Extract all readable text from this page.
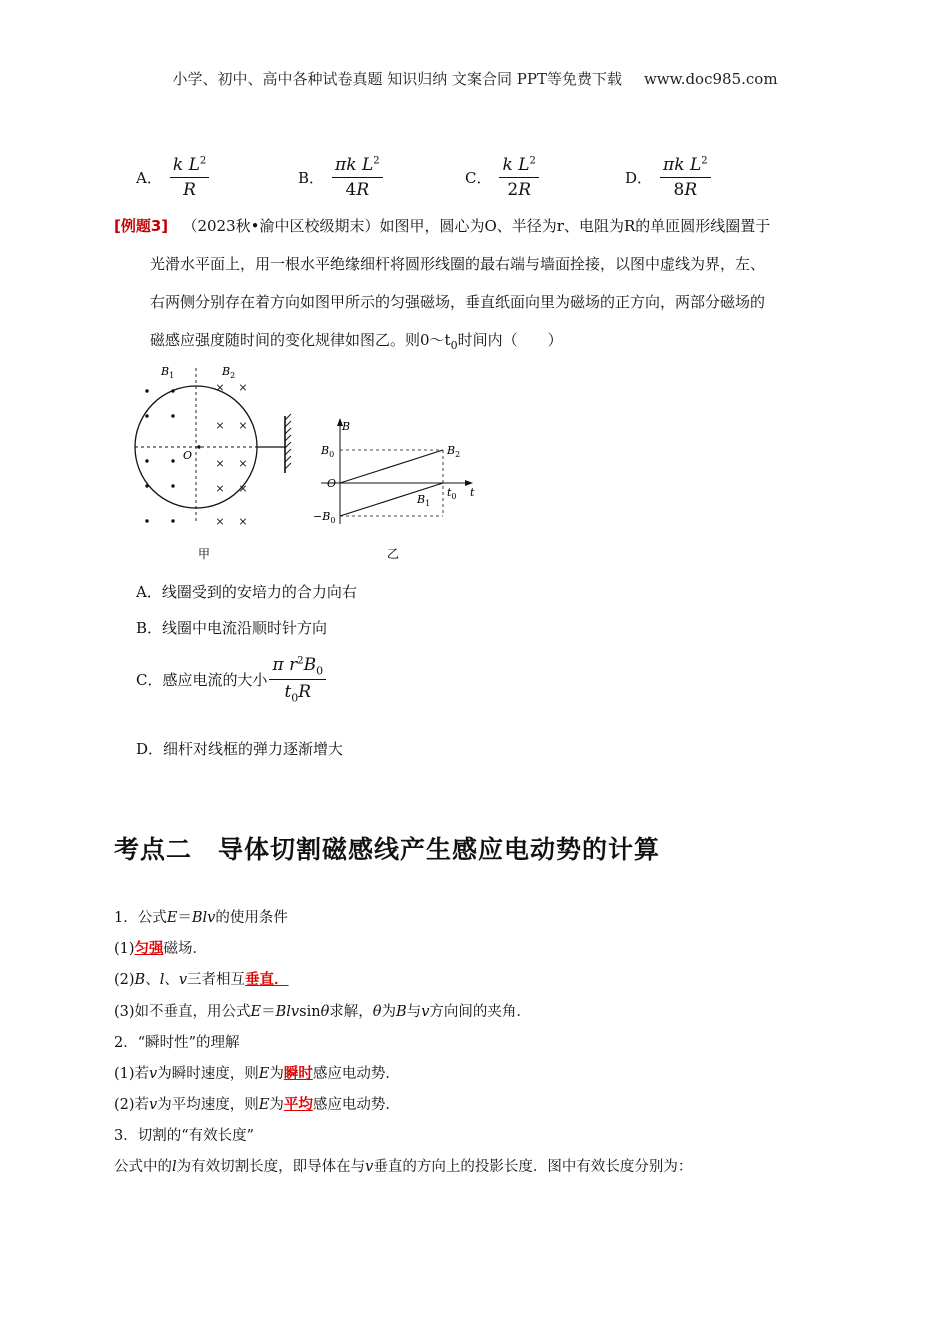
小学、初中、高中各种试卷真题 知识归纳 文案合同 PPT等免费下载 www.doc985.com
A． $\frac{k L^2}{R}$	B． $\frac{\pi k L^2}{4R}$	C． $\frac{k L^2}{2R}$	D． $\frac{\pi k L^2}{8R}$
[例题3] （2023秋•渝中区校级期末）如图甲，圆心为O、半径为r、电阻为R的单匝圆形线圈置于
光滑水平面上，用一根水平绝缘细杆将圆形线圈的最右端与墙面拴接，以图中虚线为界，左、
右两侧分别存在着方向如图甲所示的匀强磁场，垂直纸面向里为磁场的正方向，两部分磁场的
磁感应强度随时间的变化规律如图乙。则$0\sim t_0$时间内（　　）
× ×
× ×
× ×
× ×
× ×
$B_1$	$B_2$
O
甲
B
t
$B_0$
O
$-B_0$
$t_0$
$B_2$
$B_1$
乙
A．线圈受到的安培力的合力向右
B．线圈中电流沿顺时针方向
C．感应电流的大小 $\frac{\pi r^2B_0}{t_0R}$
D．细杆对线框的弹力逐渐增大
考点二 导体切割磁感线产生感应电动势的计算
1．公式E＝Blv的使用条件
(1)匀强磁场．
(2)B、l、v三者相互垂直．
(3)如不垂直，用公式E＝Blvsinθ求解，θ为B与v方向间的夹角．
2．“瞬时性”的理解
(1)若v为瞬时速度，则E为瞬时感应电动势．
(2)若v为平均速度，则E为平均感应电动势．
3．切割的“有效长度”
公式中的l为有效切割长度，即导体在与v垂直的方向上的投影长度．图中有效长度分别为：
